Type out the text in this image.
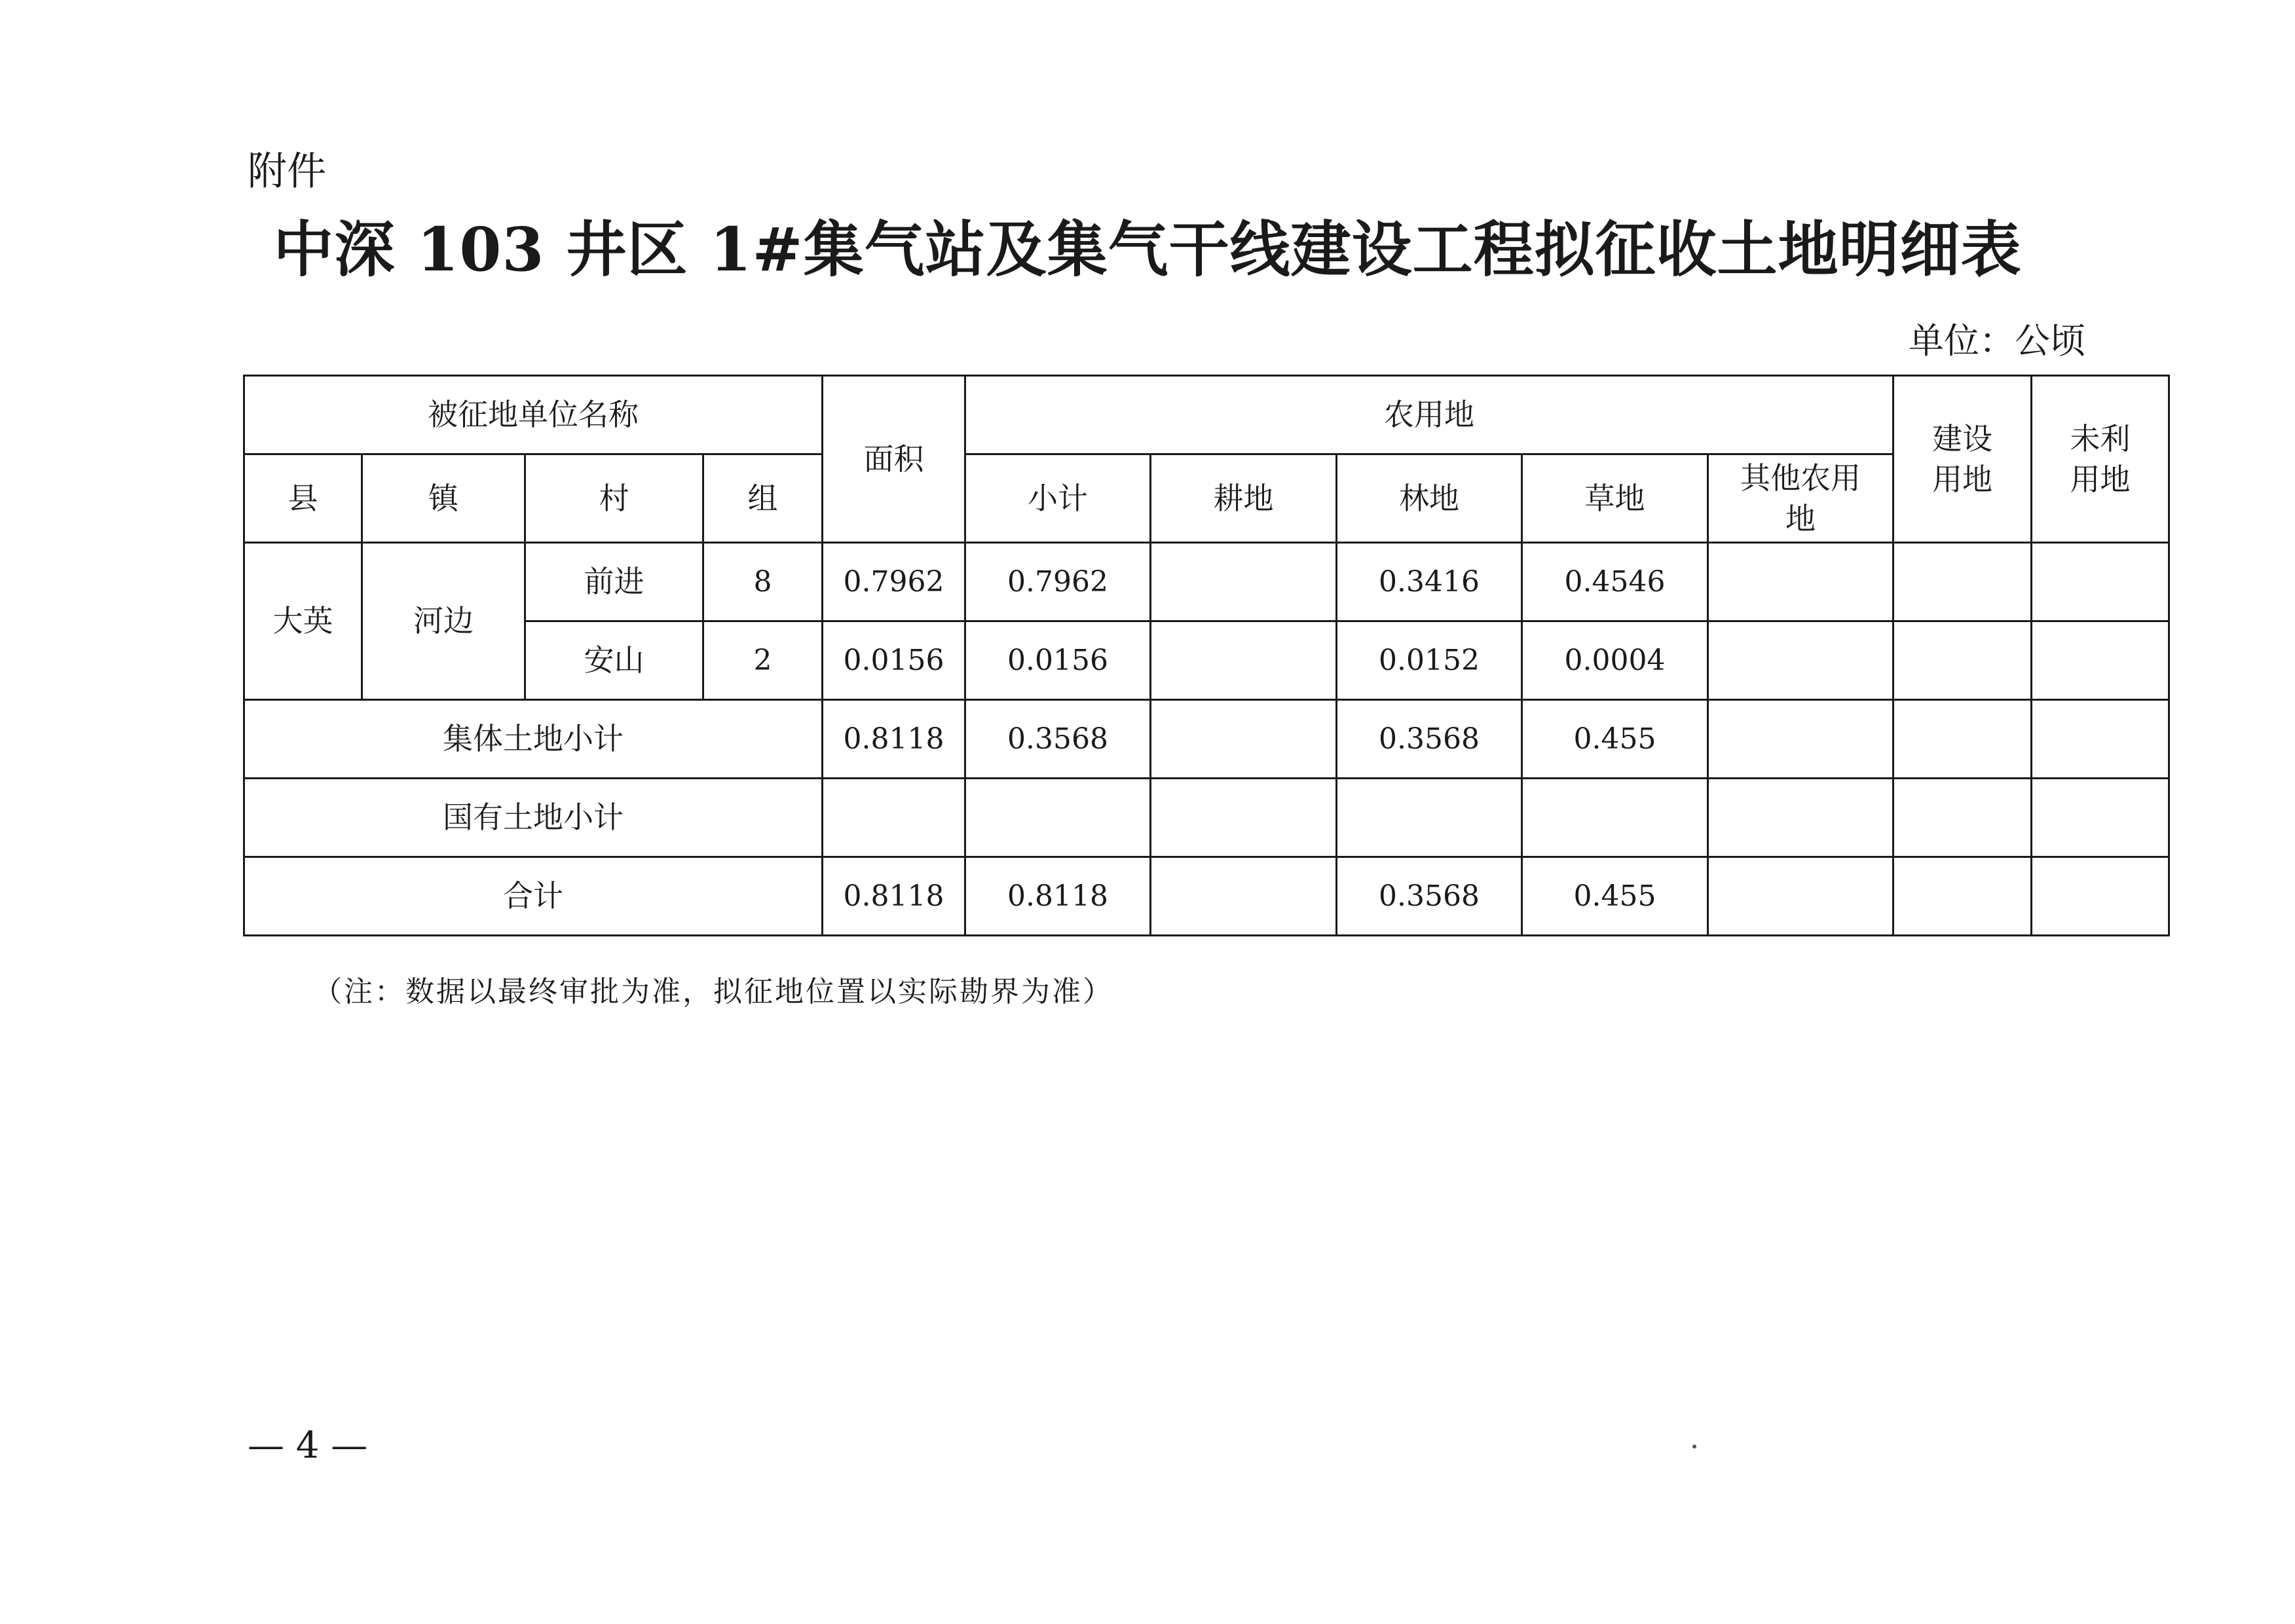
附件
中深 103 井区 1#集气站及集气干线建设工程拟征收土地明细表
单位：公顷
被征地单位名称				面积	农用地					建设用地	未利用地
县	镇	村	组		小计	耕地	林地	草地	其他农用地		
大英	河边	前进	8	0.7962	0.7962		0.3416	0.4546			
		安山	2	0.0156	0.0156		0.0152	0.0004			
集体土地小计				0.8118	0.3568		0.3568	0.455			
国有土地小计											
合计				0.8118	0.8118		0.3568	0.455			
（注：数据以最终审批为准，拟征地位置以实际勘界为准）
— 4 —
